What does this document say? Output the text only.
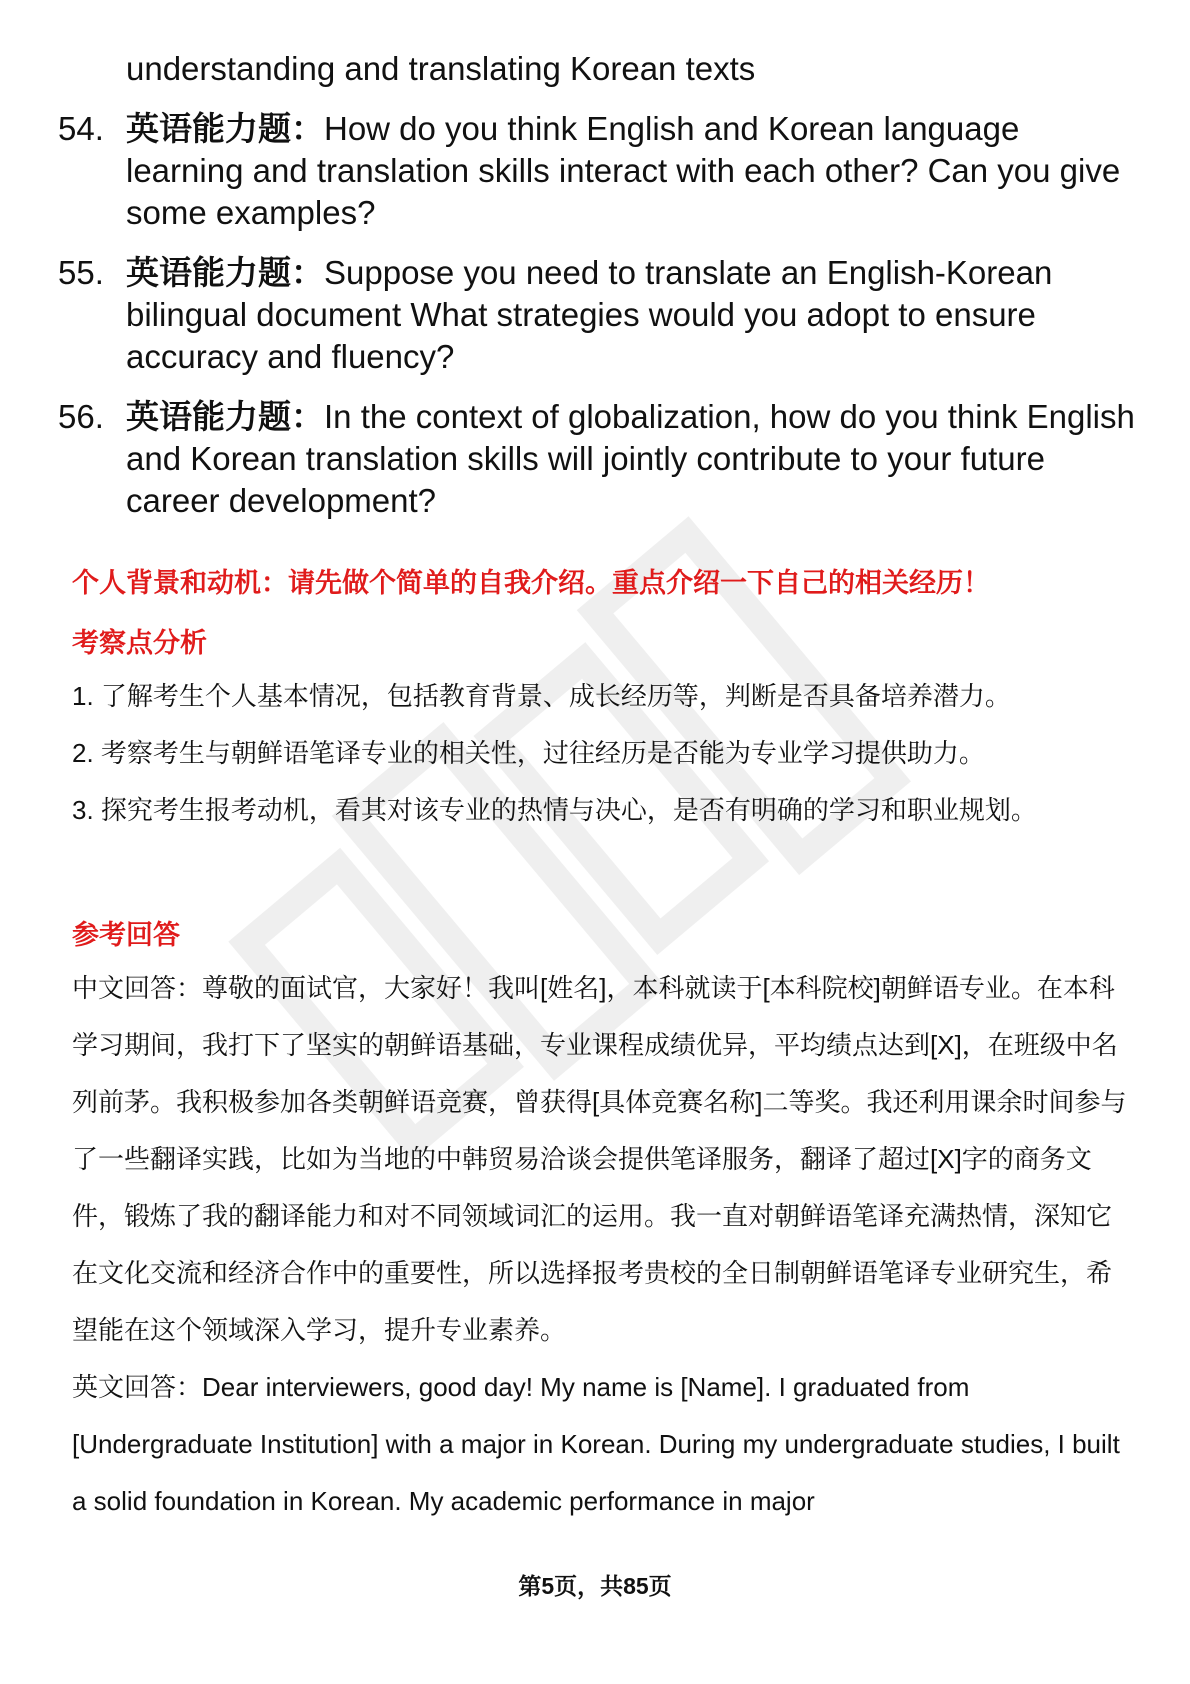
understanding and translating Korean texts
54. 英语能力题：How do you think English and Korean language learning and translation skills interact with each other? Can you give some examples?
55. 英语能力题：Suppose you need to translate an English-Korean bilingual document What strategies would you adopt to ensure accuracy and fluency?
56. 英语能力题：In the context of globalization, how do you think English and Korean translation skills will jointly contribute to your future career development?
个人背景和动机：请先做个简单的自我介绍。重点介绍一下自己的相关经历！
考察点分析
1. 了解考生个人基本情况，包括教育背景、成长经历等，判断是否具备培养潜力。
2. 考察考生与朝鲜语笔译专业的相关性，过往经历是否能为专业学习提供助力。
3. 探究考生报考动机，看其对该专业的热情与决心，是否有明确的学习和职业规划。
参考回答
中文回答：尊敬的面试官，大家好！我叫[姓名]，本科就读于[本科院校]朝鲜语专业。在本科学习期间，我打下了坚实的朝鲜语基础，专业课程成绩优异，平均绩点达到[X]，在班级中名列前茅。我积极参加各类朝鲜语竞赛，曾获得[具体竞赛名称]二等奖。我还利用课余时间参与了一些翻译实践，比如为当地的中韩贸易洽谈会提供笔译服务，翻译了超过[X]字的商务文件，锻炼了我的翻译能力和对不同领域词汇的运用。我一直对朝鲜语笔译充满热情，深知它在文化交流和经济合作中的重要性，所以选择报考贵校的全日制朝鲜语笔译专业研究生，希望能在这个领域深入学习，提升专业素养。
英文回答：Dear interviewers, good day! My name is [Name]. I graduated from [Undergraduate Institution] with a major in Korean. During my undergraduate studies, I built a solid foundation in Korean. My academic performance in major
第5页，共85页
